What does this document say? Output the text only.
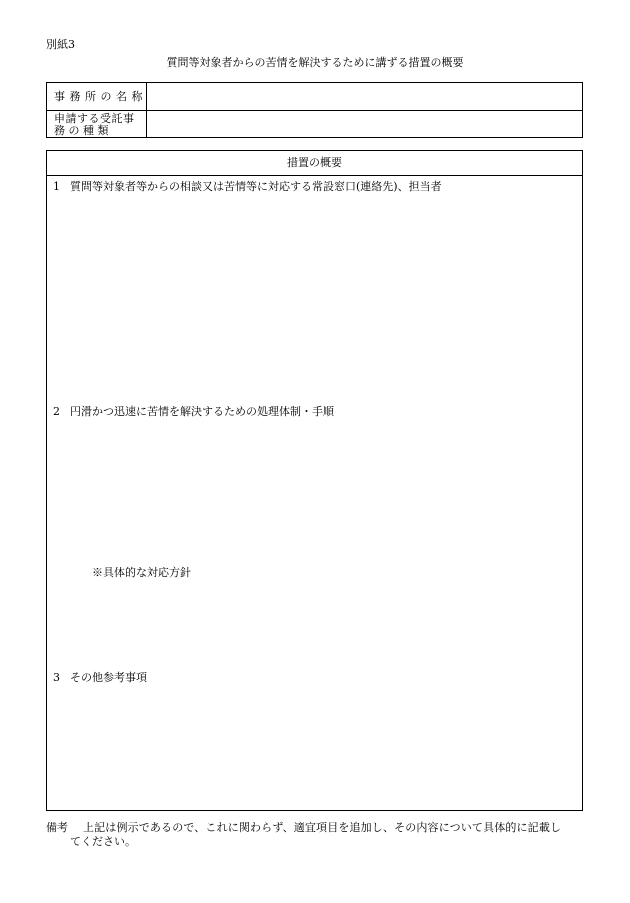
別紙3
質問等対象者からの苦情を解決するために講ずる措置の概要
事務所の名称
申請する受託事
務 の 種 類
措置の概要
1 質問等対象者等からの相談又は苦情等に対応する常設窓口(連絡先)、担当者
2 円滑かつ迅速に苦情を解決するための処理体制・手順
※具体的な対応方針
3 その他参考事項
備考 上記は例示であるので、これに関わらず、適宜項目を追加し、その内容について具体的に記載し
てください。
